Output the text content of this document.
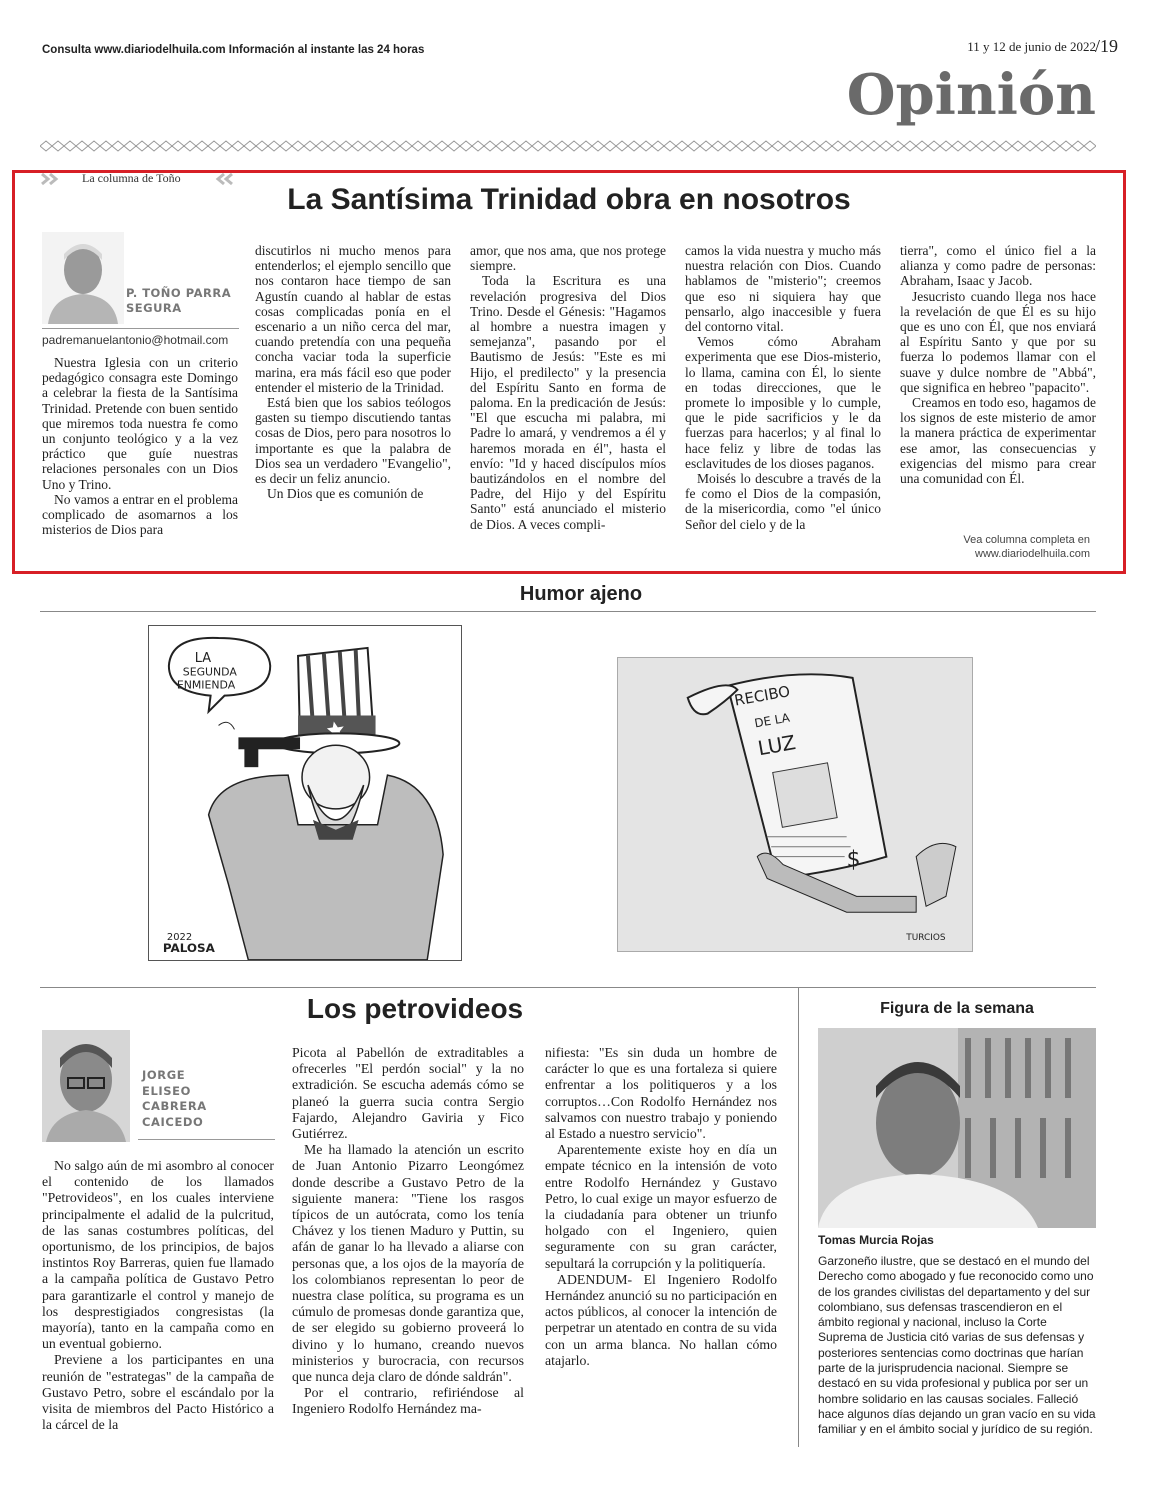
Consulta www.diariodelhuila.com Información al instante las 24 horas	11 y 12 de junio de 2022
/19
Opinión
La columna de Toño
La Santísima Trinidad obra en nosotros
P. TOÑO PARRA
SEGURA
padremanuelantonio@hotmail.com

Nuestra Iglesia con un criterio pedagógico consagra este Domingo a celebrar la fiesta de la Santísima Trinidad. Pretende con buen sentido que miremos toda nuestra fe como un conjunto teológico y a la vez práctico que guíe nuestras relaciones personales con un Dios Uno y Trino.

No vamos a entrar en el problema complicado de asomarnos a los misterios de Dios para

discutirlos ni mucho menos para entenderlos; el ejemplo sencillo que nos contaron hace tiempo de san Agustín cuando al hablar de estas cosas complicadas ponía en el escenario a un niño cerca del mar, cuando pretendía con una pequeña concha vaciar toda la superficie marina, era más fácil eso que poder entender el misterio de la Trinidad.

Está bien que los sabios teólogos gasten su tiempo discutiendo tantas cosas de Dios, pero para nosotros lo importante es que la palabra de Dios sea un verdadero "Evangelio", es decir un feliz anuncio.

Un Dios que es comunión de

amor, que nos ama, que nos protege siempre.

Toda la Escritura es una revelación progresiva del Dios Trino. Desde el Génesis: "Hagamos al hombre a nuestra imagen y semejanza", pasando por el Bautismo de Jesús: "Este es mi Hijo, el predilecto" y la presencia del Espíritu Santo en forma de paloma. En la predicación de Jesús: "El que escucha mi palabra, mi Padre lo amará, y vendremos a él y haremos morada en él", hasta el envío: "Id y haced discípulos míos bautizándolos en el nombre del Padre, del Hijo y del Espíritu Santo" está anunciado el misterio de Dios. A veces compli-

camos la vida nuestra y mucho más nuestra relación con Dios. Cuando hablamos de "misterio"; creemos que eso ni siquiera hay que pensarlo, algo inaccesible y fuera del contorno vital.

Vemos cómo Abraham experimenta que ese Dios-misterio, lo llama, camina con Él, lo siente en todas direcciones, que le promete lo imposible y lo cumple, que le pide sacrificios y le da fuerzas para hacerlos; y al final lo hace feliz y libre de todas las esclavitudes de los dioses paganos.

Moisés lo descubre a través de la fe como el Dios de la compasión, de la misericordia, como "el único Señor del cielo y de la

tierra", como el único fiel a la alianza y como padre de personas: Abraham, Isaac y Jacob.

Jesucristo cuando llega nos hace la revelación de que Él es su hijo que es uno con Él, que nos enviará al Espíritu Santo y que por su fuerza lo podemos llamar con el suave y dulce nombre de "Abbá", que significa en hebreo "papacito".

Creamos en todo eso, hagamos de los signos de este misterio de amor la manera práctica de experimentar ese amor, las consecuencias y exigencias del mismo para crear una comunidad con Él.

Vea columna completa en
www.diariodelhuila.com
Humor ajeno
LA
SEGUNDA
ENMIENDA
2022
PALOSA
RECIBO
DE LA
LUZ
$
TURCIOS
Los petrovideos
JORGE
ELISEO
CABRERA
CAICEDO

No salgo aún de mi asombro al conocer el contenido de los llamados "Petrovideos", en los cuales interviene principalmente el adalid de la pulcritud, de las sanas costumbres políticas, del oportunismo, de los principios, de bajos instintos Roy Barreras, quien fue llamado a la campaña política de Gustavo Petro para garantizarle el control y manejo de los desprestigiados congresistas (la mayoría), tanto en la campaña como en un eventual gobierno.

Previene a los participantes en una reunión de "estrategas" de la campaña de Gustavo Petro, sobre el escándalo por la visita de miembros del Pacto Histórico a la cárcel de la

Picota al Pabellón de extraditables a ofrecerles "El perdón social" y la no extradición. Se escucha además cómo se planeó la guerra sucia contra Sergio Fajardo, Alejandro Gaviria y Fico Gutiérrez.

Me ha llamado la atención un escrito de Juan Antonio Pizarro Leongómez donde describe a Gustavo Petro de la siguiente manera: "Tiene los rasgos típicos de un autócrata, como los tenía Chávez y los tienen Maduro y Puttin, su afán de ganar lo ha llevado a aliarse con personas que, a los ojos de la mayoría de los colombianos representan lo peor de nuestra clase política, su programa es un cúmulo de promesas donde garantiza que, de ser elegido su gobierno proveerá lo divino y lo humano, creando nuevos ministerios y burocracia, con recursos que nunca deja claro de dónde saldrán".

Por el contrario, refiriéndose al Ingeniero Rodolfo Hernández ma-

nifiesta: "Es sin duda un hombre de carácter lo que es una fortaleza si quiere enfrentar a los politiqueros y a los corruptos…Con Rodolfo Hernández nos salvamos con nuestro trabajo y poniendo al Estado a nuestro servicio".

Aparentemente existe hoy en día un empate técnico en la intensión de voto entre Rodolfo Hernández y Gustavo Petro, lo cual exige un mayor esfuerzo de la ciudadanía para obtener un triunfo holgado con el Ingeniero, quien seguramente con su gran carácter, sepultará la corrupción y la politiquería.

ADENDUM- El Ingeniero Rodolfo Hernández anunció su no participación en actos públicos, al conocer la intención de perpetrar un atentado en contra de su vida con un arma blanca. No hallan cómo atajarlo.

Figura de la semana
Tomas Murcia Rojas
Garzoneño ilustre, que se destacó en el mundo del Derecho como abogado y fue reconocido como uno de los grandes civilistas del departamento y del sur colombiano, sus defensas trascendieron en el ámbito regional y nacional, incluso la Corte Suprema de Justicia citó varias de sus defensas y posteriores sentencias como doctrinas que harían parte de la jurisprudencia nacional. Siempre se destacó en su vida profesional y publica por ser un hombre solidario en las causas sociales. Falleció hace algunos días dejando un gran vacío en su vida familiar y en el ámbito social y jurídico de su región.
